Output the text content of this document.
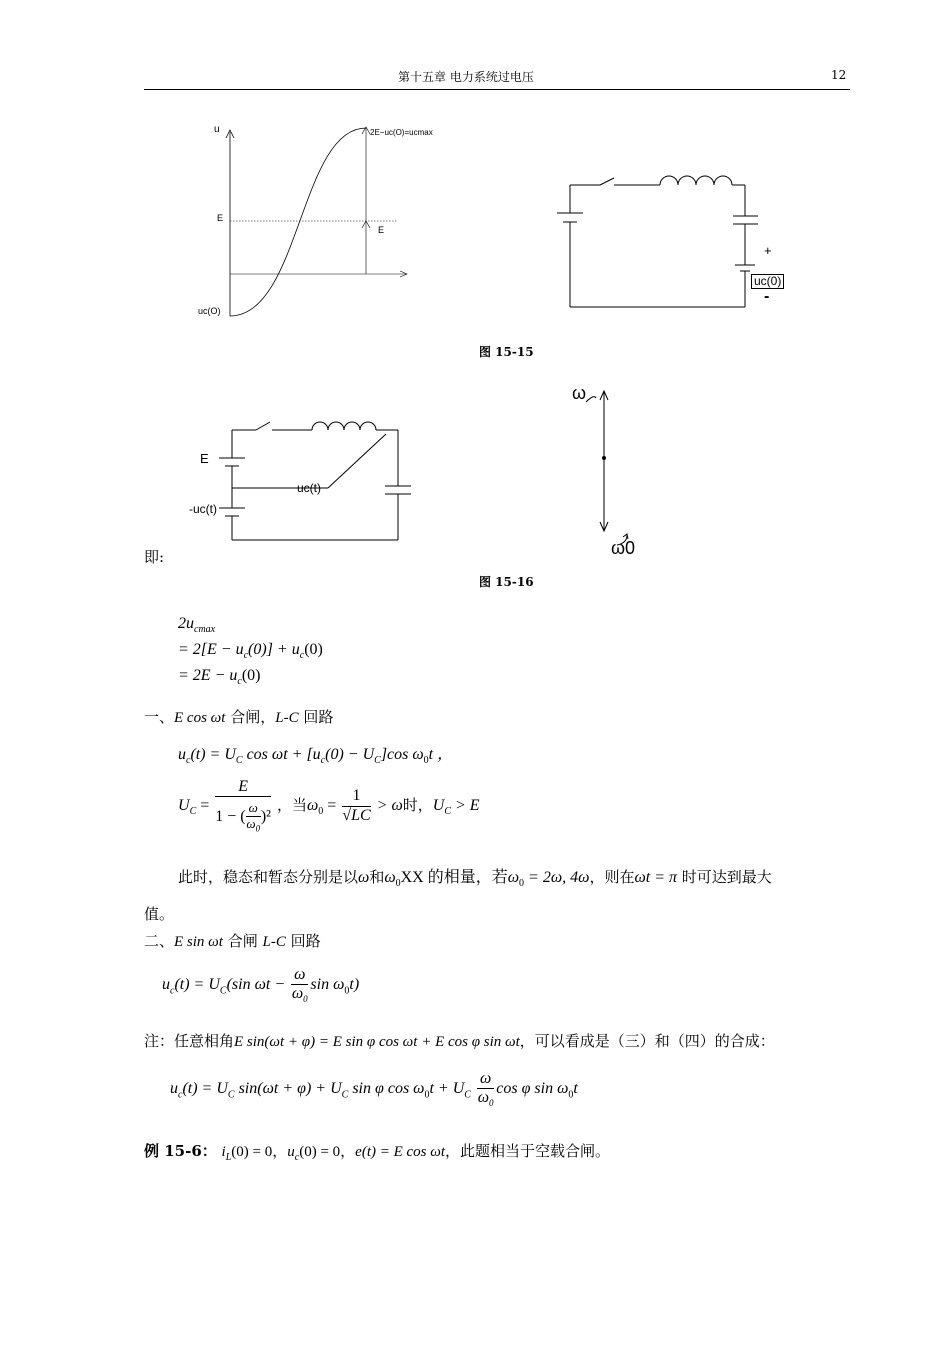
第十五章 电力系统过电压	12
u
E
2E−uc(O)=ucmax
E
uc(O)
+
uc(0)
-
图 15-15
E
uc(t)
-uc(t)
即:
ω
ω0
图 15-16
$2u_{cmax}$
= $2[E - u_c(0)] + u_c(0)$
= $2E - u_c(0)$
一、E cos ωt 合闸，L-C 回路
$u_c(t) = U_C$ $\cos \omega t + [u_c(0) - U_C]\cos$ $\omega_0t$ ，
$U_C = \frac{E}{1 - ( \frac{\omega}{\omega_0} )^2}$ ，当$\omega_0 = \frac{1}{√LC} > \omega$时，$U_C > E$
此时，稳态和暂态分别是以ω和$\omega_0XX$ 的相量，若$\omega_0 = 2\omega$, 4ω，则在ωt = π 时可达到最大
值。
二、E sin ωt 合闸 L-C 回路
$u_c(t) = U_C(\sin$ $\omega t - \frac{\omega}{\omega_0}$ $\sin \omega_0t$)
注：任意相角E sin(ωt + φ) = E sin φ cos ωt + E cos φ sin ωt，可以看成是（三）和（四）的合成：
$u_c(t) = U_C$ $\sin(\omega t + \varphi) + U_C$ sin φ $\cos \omega_0t + U_C \frac{\omega}{\omega_0}$ cos φ $\sin \omega_0t$
例 15-6： $i_L(0) = 0$，$u_c(0) = 0$，e(t) = E cos ωt，此题相当于空载合闸。
